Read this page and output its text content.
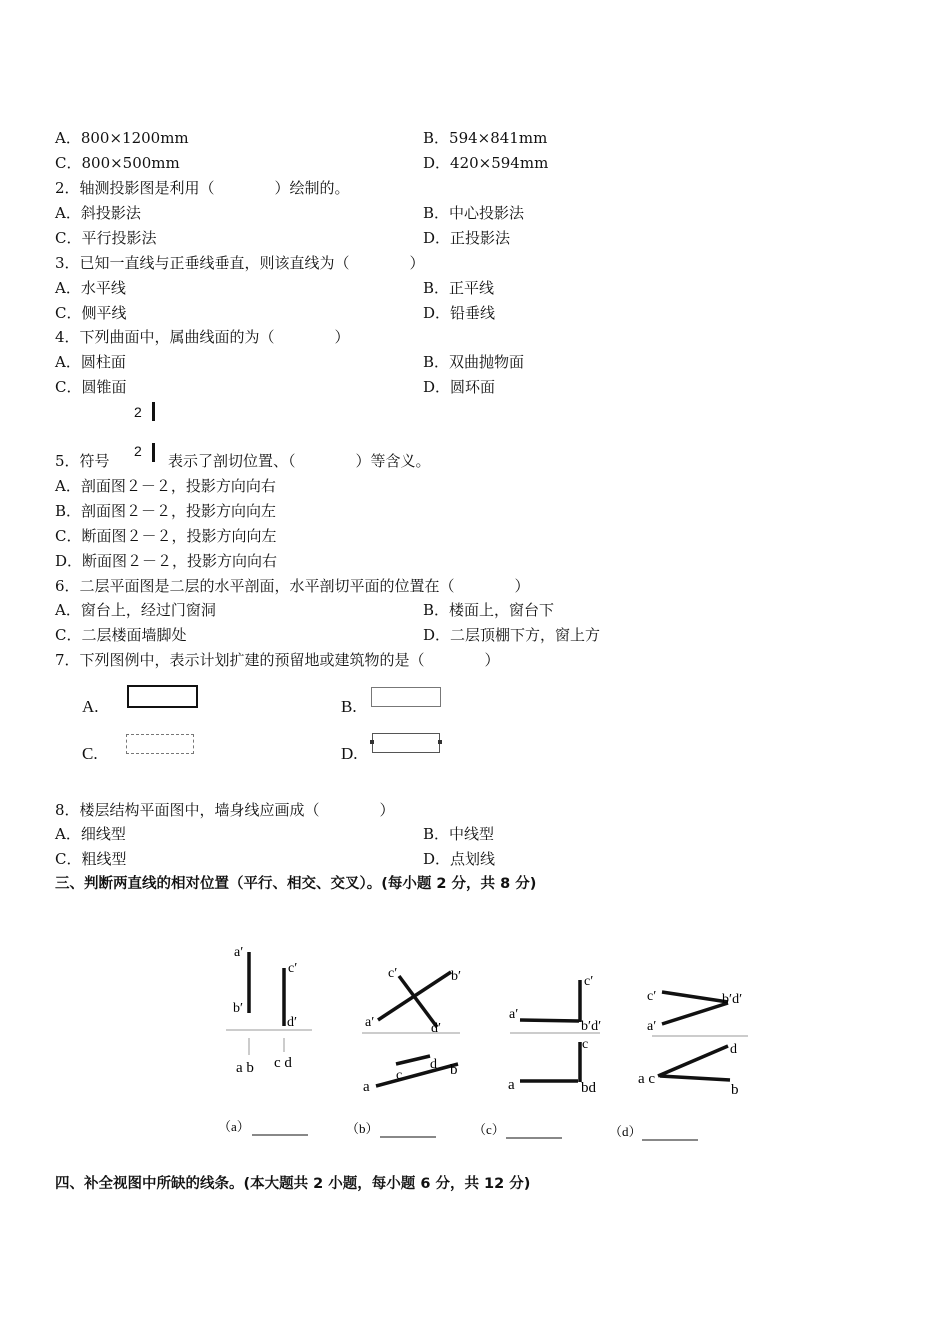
A．800×1200mm	B．594×841mm
C．800×500mm	D．420×594mm
2．轴测投影图是利用（　　　　）绘制的。
A．斜投影法	B．中心投影法
C．平行投影法	D．正投影法
3．已知一直线与正垂线垂直，则该直线为（　　　　）
A．水平线	B．正平线
C．侧平线	D．铅垂线
4．下列曲面中，属曲线面的为（　　　　）
A．圆柱面	B．双曲抛物面
C．圆锥面	D．圆环面
2
2
5．符号	表示了剖切位置、（　　　　）等含义。
A．剖面图２－２，投影方向向右
B．剖面图２－２，投影方向向左
C．断面图２－２，投影方向向左
D．断面图２－２，投影方向向右
6．二层平面图是二层的水平剖面，水平剖切平面的位置在（　　　　）
A．窗台上，经过门窗洞	B．楼面上，窗台下
C．二层楼面墙脚处	D．二层顶棚下方，窗上方
7．下列图例中，表示计划扩建的预留地或建筑物的是（　　　　）
A.	B.
C.	D.
8．楼层结构平面图中，墙身线应画成（　　　　）
A．细线型	B．中线型
C．粗线型	D．点划线
三、判断两直线的相对位置（平行、相交、交叉）。(每小题 2 分，共 8 分)
a′
b′
c′
d′
a b c d
（a）
c′	b′
a′	d′
c
d
a
b
（b）
c′
a′
b′d′
c
a	bd
（c）
c′	b′d′
a′
d
a c
b
（d）
四、补全视图中所缺的线条。(本大题共 2 小题，每小题 6 分，共 12 分)
